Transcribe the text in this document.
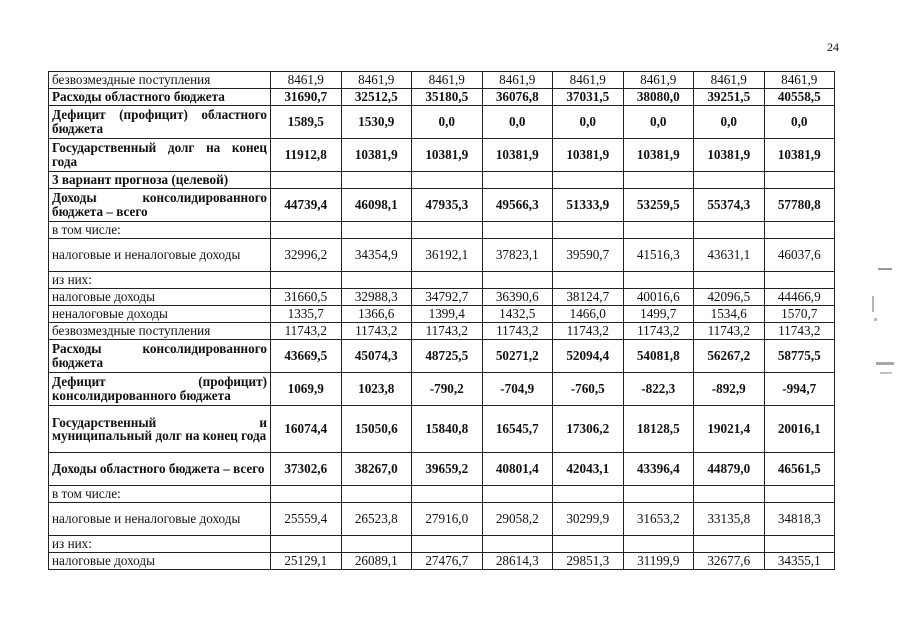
24
безвозмездные поступления	8461,9	8461,9	8461,9	8461,9	8461,9	8461,9	8461,9	8461,9
Расходы областного бюджета	31690,7	32512,5	35180,5	36076,8	37031,5	38080,0	39251,5	40558,5
Дефицит (профицит) областного бюджета	1589,5	1530,9	0,0	0,0	0,0	0,0	0,0	0,0
Государственный долг на конец года	11912,8	10381,9	10381,9	10381,9	10381,9	10381,9	10381,9	10381,9
3 вариант прогноза (целевой)								
Доходы консолидированного бюджета – всего	44739,4	46098,1	47935,3	49566,3	51333,9	53259,5	55374,3	57780,8
в том числе:								
налоговые и неналоговые доходы	32996,2	34354,9	36192,1	37823,1	39590,7	41516,3	43631,1	46037,6
из них:								
налоговые доходы	31660,5	32988,3	34792,7	36390,6	38124,7	40016,6	42096,5	44466,9
неналоговые доходы	1335,7	1366,6	1399,4	1432,5	1466,0	1499,7	1534,6	1570,7
безвозмездные поступления	11743,2	11743,2	11743,2	11743,2	11743,2	11743,2	11743,2	11743,2
Расходы консолидированного бюджета	43669,5	45074,3	48725,5	50271,2	52094,4	54081,8	56267,2	58775,5
Дефицит (профицит) консолидированного бюджета	1069,9	1023,8	-790,2	-704,9	-760,5	-822,3	-892,9	-994,7
Государственный и муниципальный долг на конец года	16074,4	15050,6	15840,8	16545,7	17306,2	18128,5	19021,4	20016,1
Доходы областного бюджета – всего	37302,6	38267,0	39659,2	40801,4	42043,1	43396,4	44879,0	46561,5
в том числе:								
налоговые и неналоговые доходы	25559,4	26523,8	27916,0	29058,2	30299,9	31653,2	33135,8	34818,3
из них:								
налоговые доходы	25129,1	26089,1	27476,7	28614,3	29851,3	31199,9	32677,6	34355,1
